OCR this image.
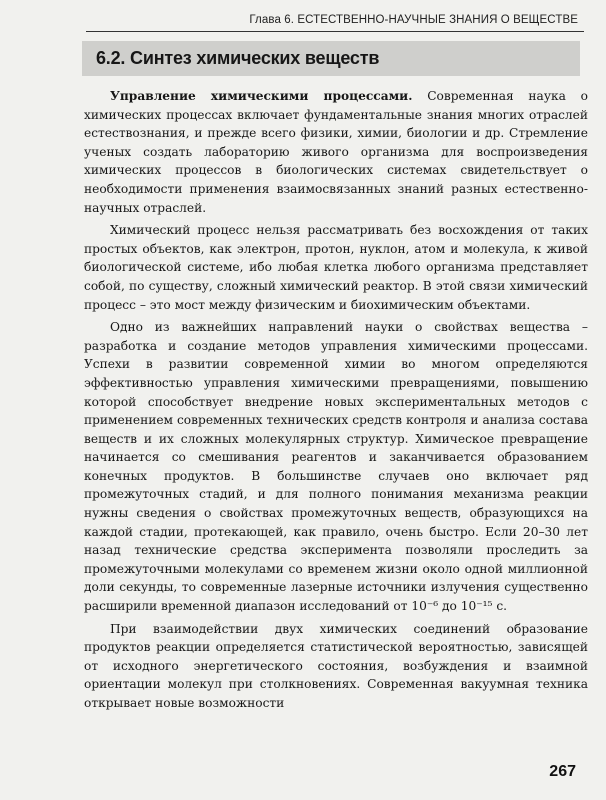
Глава 6. ЕСТЕСТВЕННО-НАУЧНЫЕ ЗНАНИЯ О ВЕЩЕСТВЕ
6.2. Синтез химических веществ

Управление химическими процессами. Современная наука о химических процессах включает фундаментальные знания многих отраслей естествознания, и прежде всего физики, химии, биологии и др. Стремление ученых создать лабораторию живого организма для воспроизведения химических процессов в биологических системах свидетельствует о необходимости применения взаимосвязанных знаний разных естественно-научных отраслей.

Химический процесс нельзя рассматривать без восхождения от таких простых объектов, как электрон, протон, нуклон, атом и молекула, к живой биологической системе, ибо любая клетка любого организма представляет собой, по существу, сложный химический реактор. В этой связи химический процесс – это мост между физическим и биохимическим объектами.

Одно из важнейших направлений науки о свойствах вещества – разработка и создание методов управления химическими процессами. Успехи в развитии современной химии во многом определяются эффективностью управления химическими превращениями, повышению которой способствует внедрение новых экспериментальных методов с применением современных технических средств контроля и анализа состава веществ и их сложных молекулярных структур. Химическое превращение начинается со смешивания реагентов и заканчивается образованием конечных продуктов. В большинстве случаев оно включает ряд промежуточных стадий, и для полного понимания механизма реакции нужны сведения о свойствах промежуточных веществ, образующихся на каждой стадии, протекающей, как правило, очень быстро. Если 20–30 лет назад технические средства эксперимента позволяли проследить за промежуточными молекулами со временем жизни около одной миллионной доли секунды, то современные лазерные источники излучения существенно расширили временной диапазон исследований от 10⁻⁶ до 10⁻¹⁵ с.

При взаимодействии двух химических соединений образование продуктов реакции определяется статистической вероятностью, зависящей от исходного энергетического состояния, возбуждения и взаимной ориентации молекул при столкновениях. Современная вакуумная техника открывает новые возможности

267
